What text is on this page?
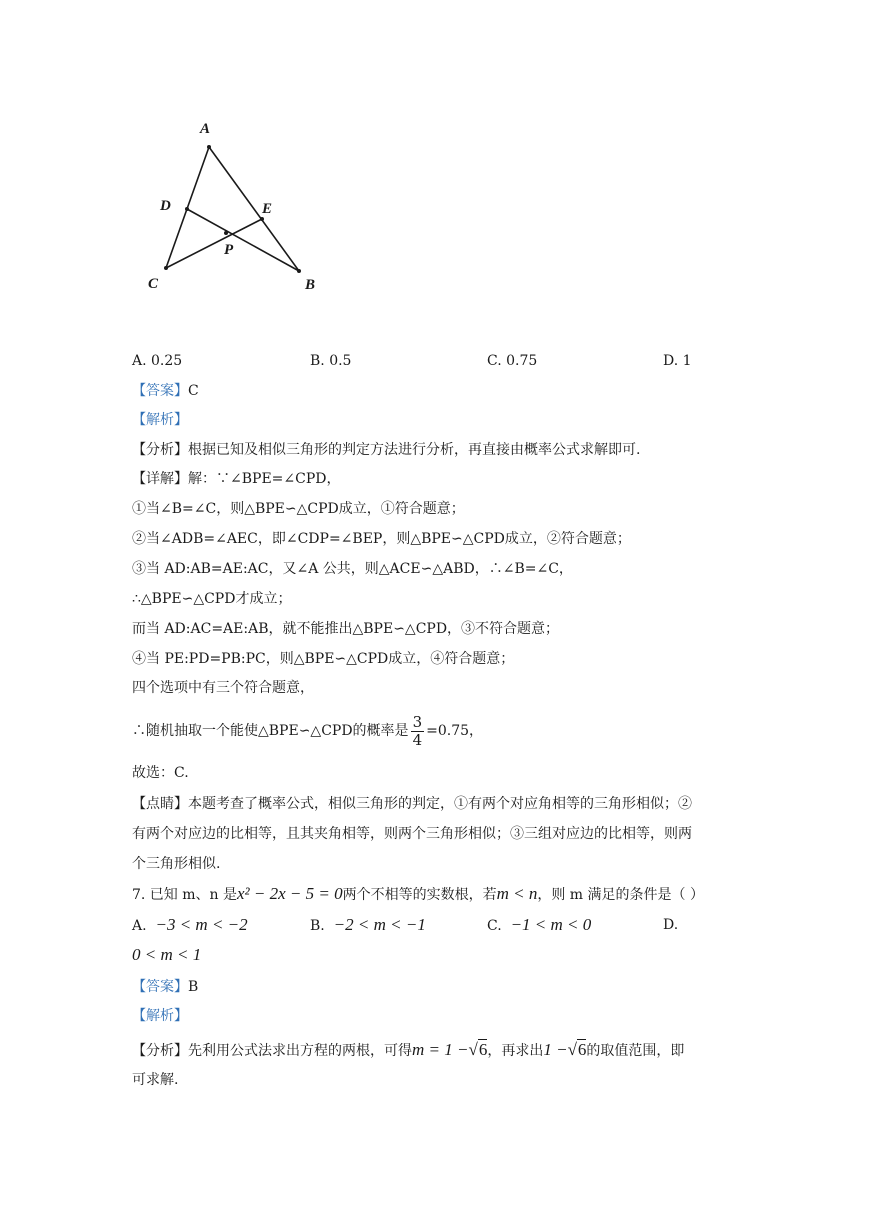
A
D	E
P
C	B
A. 0.25	B. 0.5	C. 0.75	D. 1
【答案】C
【解析】
【分析】根据已知及相似三角形的判定方法进行分析，再直接由概率公式求解即可.
【详解】解：∵∠BPE=∠CPD，
①当∠B=∠C，则△BPE∽△CPD成立，①符合题意；
②当∠ADB=∠AEC，即∠CDP=∠BEP，则△BPE∽△CPD成立，②符合题意；
③当 AD:AB=AE:AC，又∠A 公共，则△ACE∽△ABD，∴∠B=∠C，
∴△BPE∽△CPD才成立；
而当 AD:AC=AE:AB，就不能推出△BPE∽△CPD，③不符合题意；
④当 PE:PD=PB:PC，则△BPE∽△CPD成立，④符合题意；
四个选项中有三个符合题意，
∴随机抽取一个能使△BPE∽△CPD的概率是 $\frac{3}{4} =0.75$，
故选：C.
【点睛】本题考查了概率公式，相似三角形的判定，①有两个对应角相等的三角形相似；②
有两个对应边的比相等，且其夹角相等，则两个三角形相似；③三组对应边的比相等，则两
个三角形相似.
7. 已知 m、n 是x² − 2x − 5 = 0两个不相等的实数根，若m < n，则 m 满足的条件是（ ）
A. −3 < m < −2	B. −2 < m < −1	C. −1 < m < 0	D.
0 < m < 1
【答案】B
【解析】
【分析】先利用公式法求出方程的两根，可得m = 1 −√6，再求出1 −√6的取值范围，即
可求解.
